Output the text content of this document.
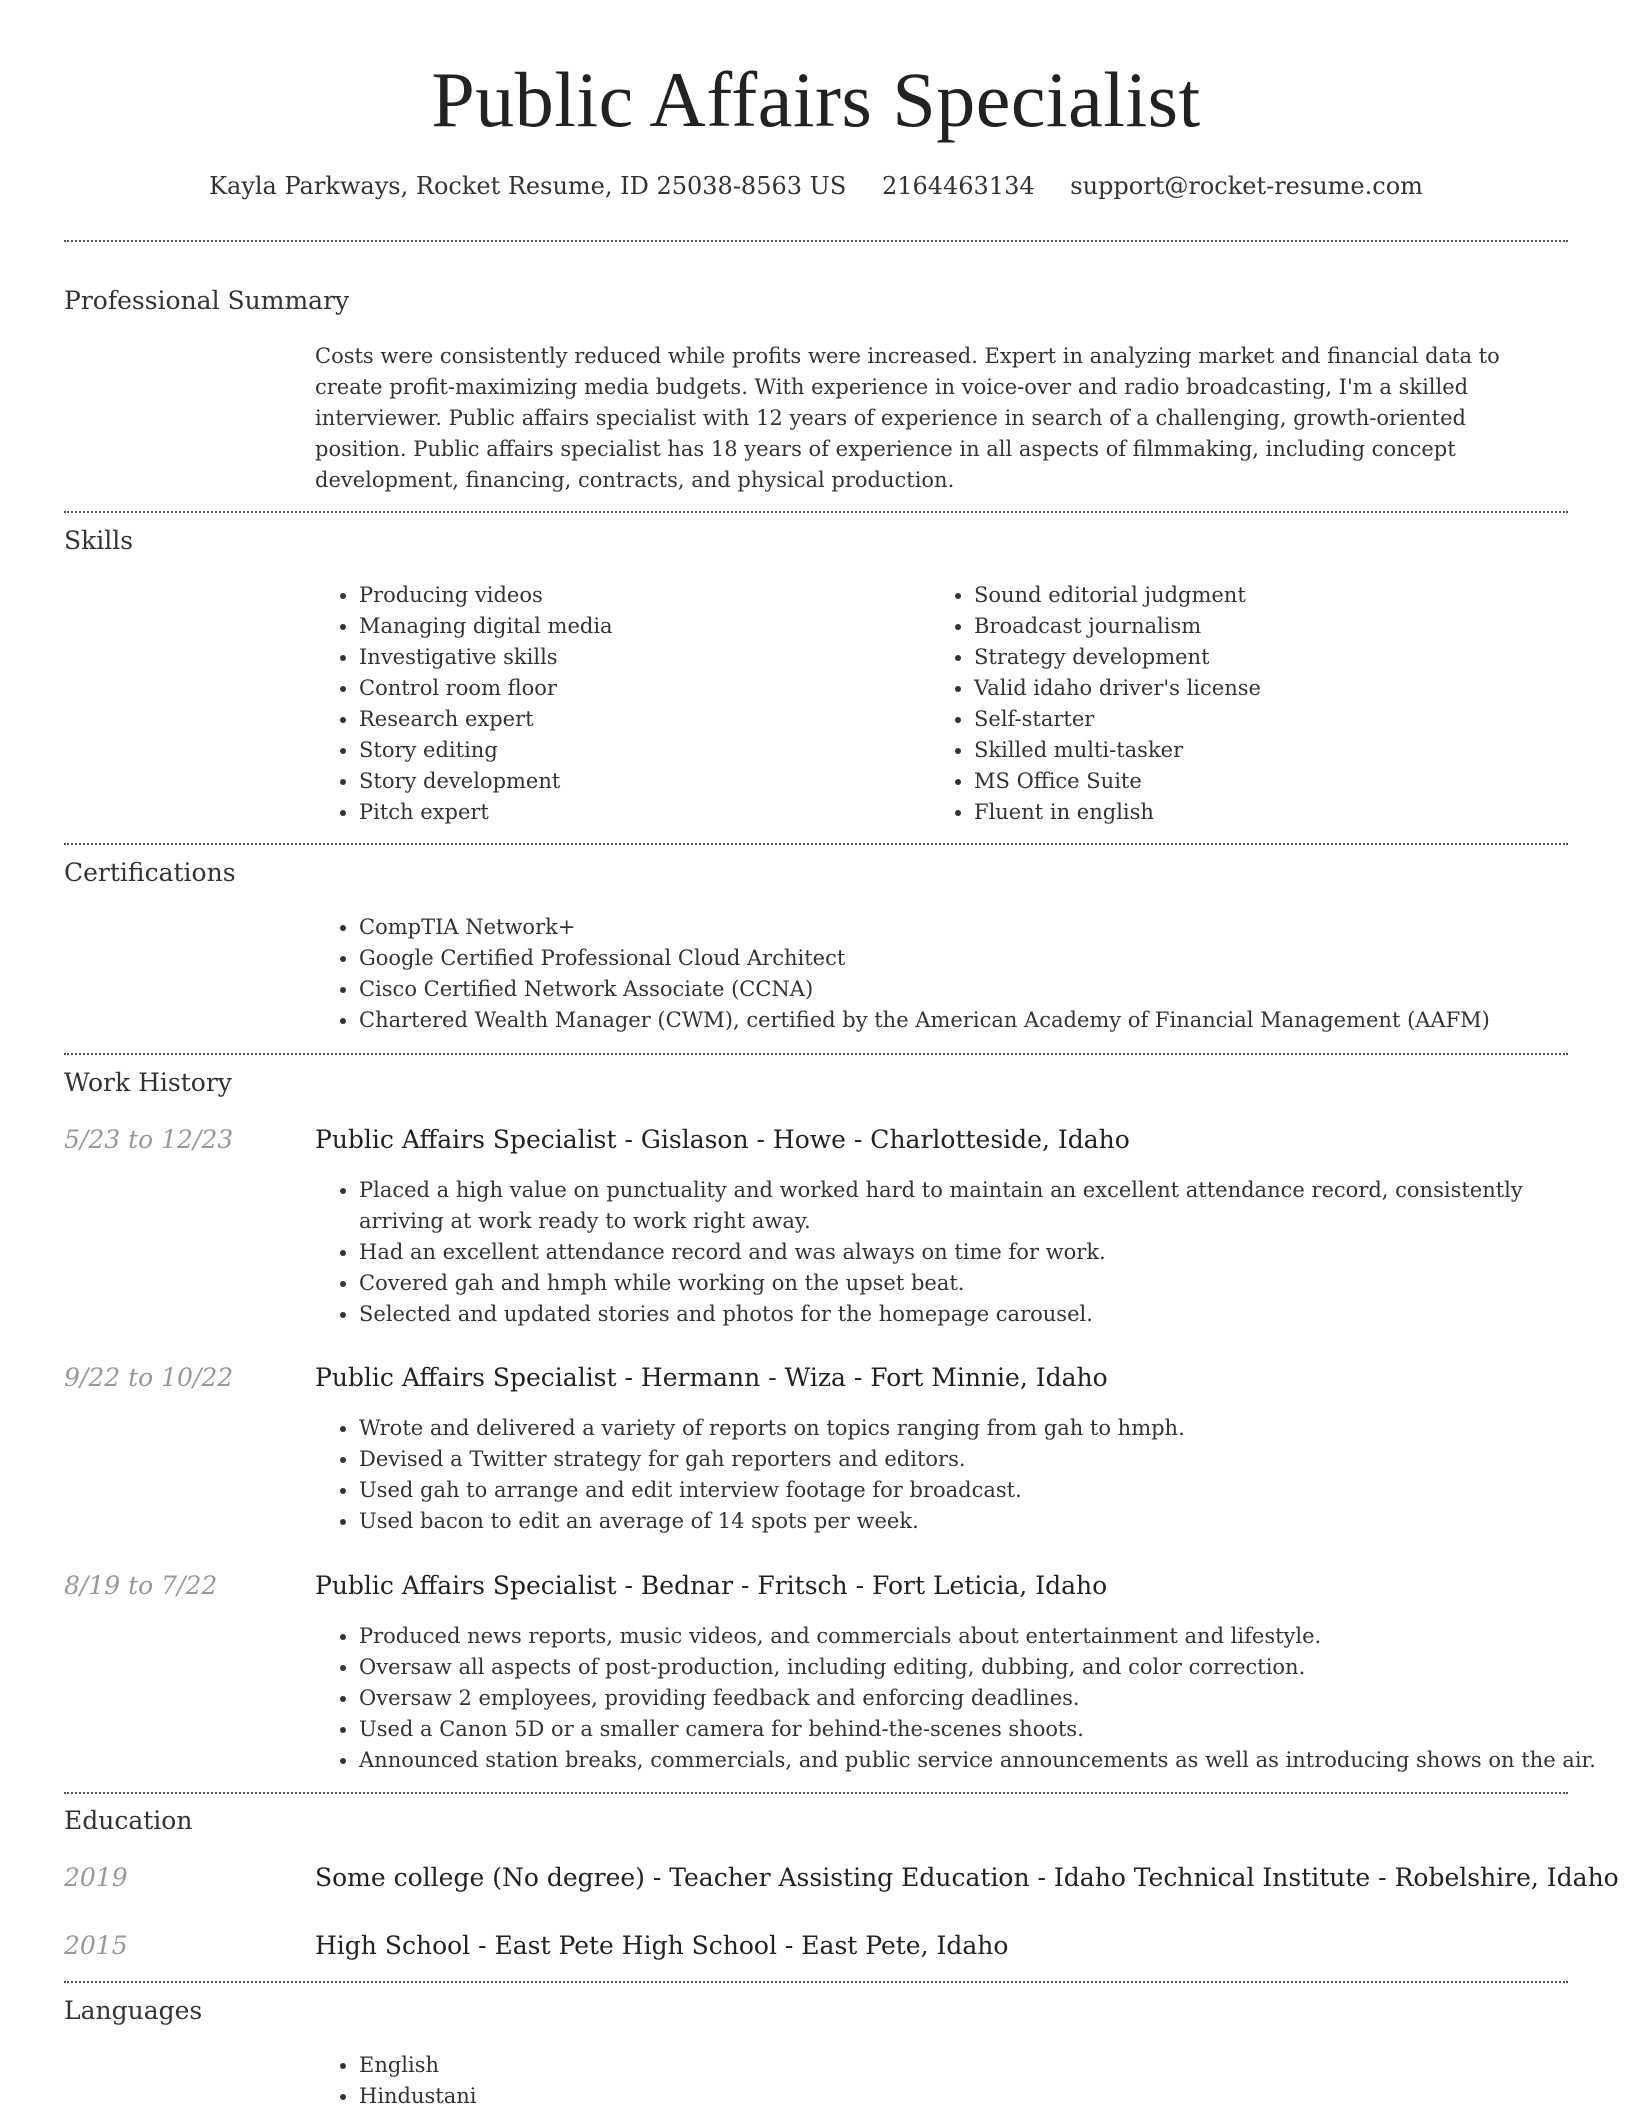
Public Affairs Specialist
Kayla Parkways, Rocket Resume, ID 25038-8563 US 2164463134 support@rocket-resume.com
Professional Summary

Costs were consistently reduced while profits were increased. Expert in analyzing market and financial data to create profit-maximizing media budgets. With experience in voice-over and radio broadcasting, I'm a skilled interviewer. Public affairs specialist with 12 years of experience in search of a challenging, growth-oriented position. Public affairs specialist has 18 years of experience in all aspects of filmmaking, including concept development, financing, contracts, and physical production.

Skills
• Producing videos
• Managing digital media
• Investigative skills
• Control room floor
• Research expert
• Story editing
• Story development
• Pitch expert
• Sound editorial judgment
• Broadcast journalism
• Strategy development
• Valid idaho driver's license
• Self-starter
• Skilled multi-tasker
• MS Office Suite
• Fluent in english
Certifications
• CompTIA Network+
• Google Certified Professional Cloud Architect
• Cisco Certified Network Associate (CCNA)
• Chartered Wealth Manager (CWM), certified by the American Academy of Financial Management (AAFM)
Work History
5/23 to 12/23	Public Affairs Specialist - Gislason - Howe - Charlotteside, Idaho
• Placed a high value on punctuality and worked hard to maintain an excellent attendance record, consistently arriving at work ready to work right away.
• Had an excellent attendance record and was always on time for work.
• Covered gah and hmph while working on the upset beat.
• Selected and updated stories and photos for the homepage carousel.
9/22 to 10/22	Public Affairs Specialist - Hermann - Wiza - Fort Minnie, Idaho
• Wrote and delivered a variety of reports on topics ranging from gah to hmph.
• Devised a Twitter strategy for gah reporters and editors.
• Used gah to arrange and edit interview footage for broadcast.
• Used bacon to edit an average of 14 spots per week.
8/19 to 7/22	Public Affairs Specialist - Bednar - Fritsch - Fort Leticia, Idaho
• Produced news reports, music videos, and commercials about entertainment and lifestyle.
• Oversaw all aspects of post-production, including editing, dubbing, and color correction.
• Oversaw 2 employees, providing feedback and enforcing deadlines.
• Used a Canon 5D or a smaller camera for behind-the-scenes shoots.
• Announced station breaks, commercials, and public service announcements as well as introducing shows on the air.
Education
2019	Some college (No degree) - Teacher Assisting Education - Idaho Technical Institute - Robelshire, Idaho
2015	High School - East Pete High School - East Pete, Idaho
Languages
• English
• Hindustani
